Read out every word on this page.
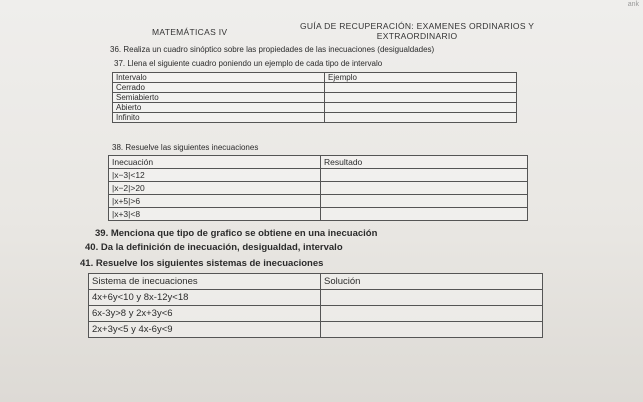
ank
MATEMÁTICAS IV
GUÍA DE RECUPERACIÓN: EXAMENES ORDINARIOS Y
EXTRAORDINARIO
36. Realiza un cuadro sinóptico sobre las propiedades de las inecuaciones (desigualdades)
37. Llena el siguiente cuadro poniendo un ejemplo de cada tipo de intervalo
Intervalo	Ejemplo
Cerrado	
Semiabierto	
Abierto	
Infinito	
38. Resuelve las siguientes inecuaciones
Inecuación	Resultado
|x−3|<12	
|x−2|>20	
|x+5|>6	
|x+3|<8	
39. Menciona que tipo de grafico se obtiene en una inecuación
40. Da la definición de inecuación, desigualdad, intervalo
41. Resuelve los siguientes sistemas de inecuaciones
Sistema de inecuaciones	Solución
4x+6y<10 y 8x-12y<18	
6x-3y>8 y 2x+3y<6	
2x+3y<5 y 4x-6y<9	
